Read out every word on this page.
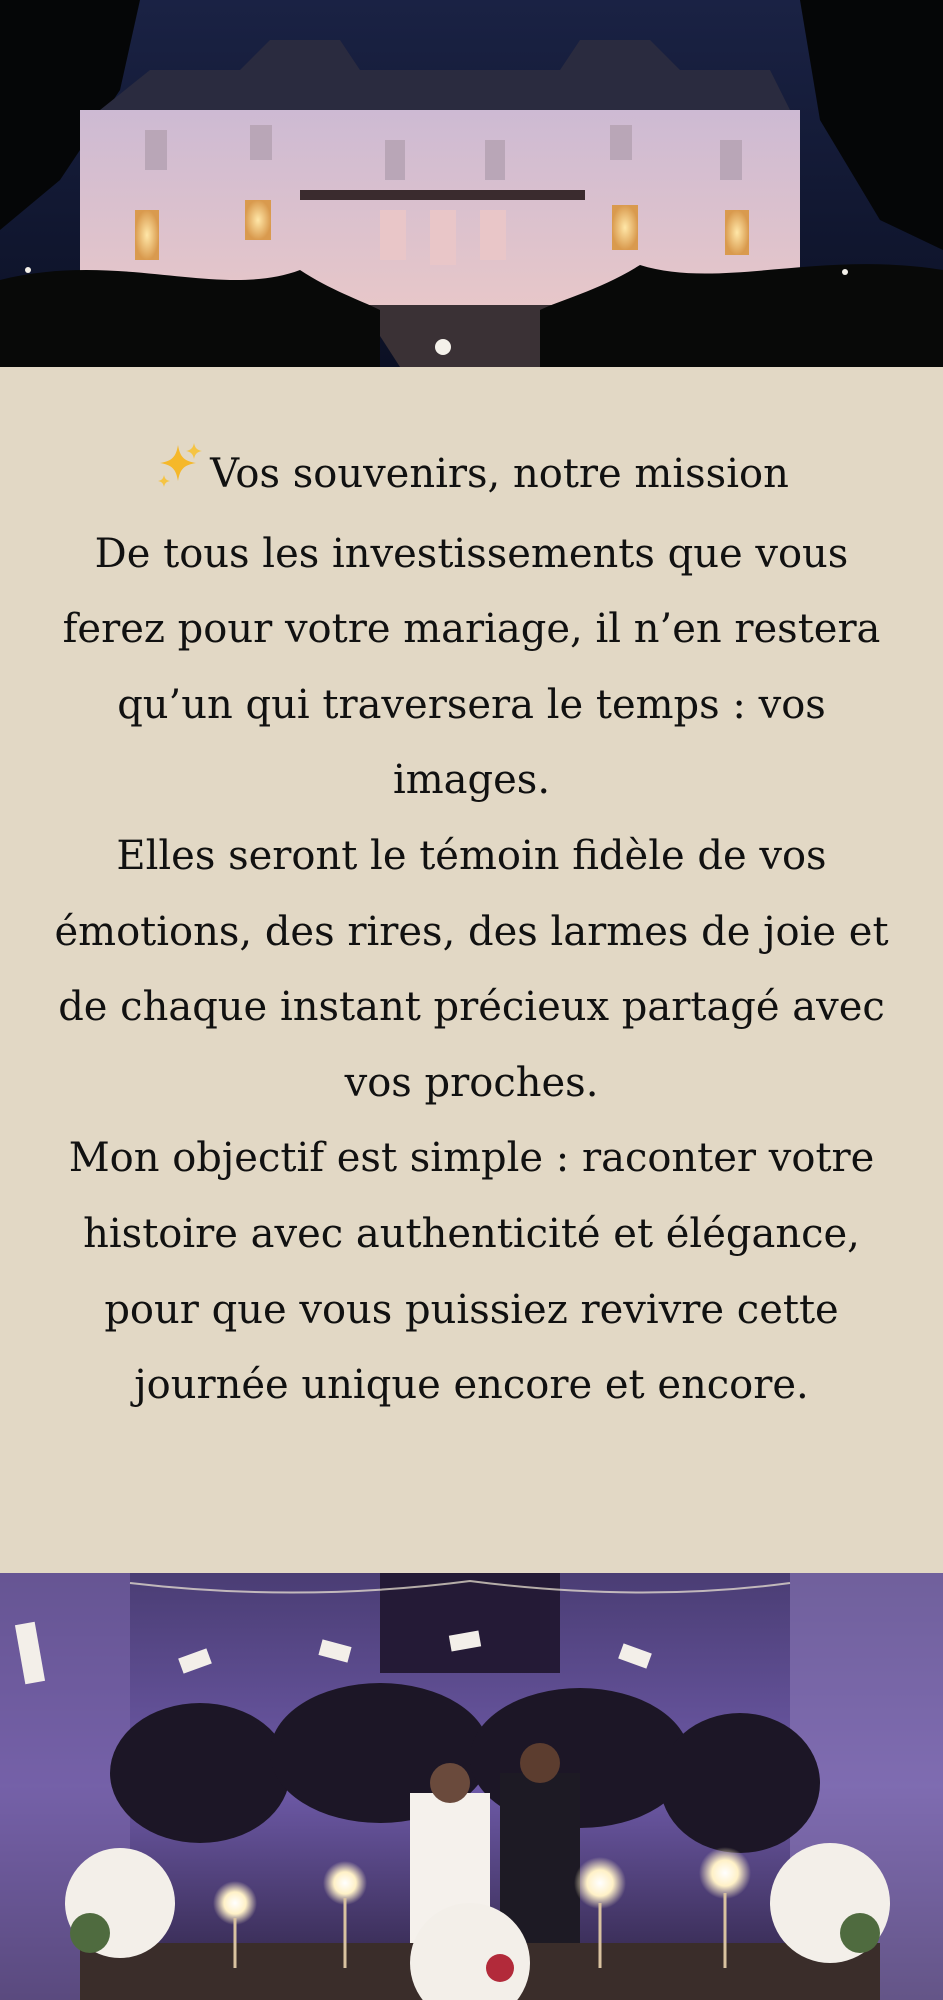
Vos souvenirs, notre mission

De tous les investissements que vous ferez pour votre mariage, il n’en restera qu’un qui traversera le temps : vos images.

Elles seront le témoin fidèle de vos émotions, des rires, des larmes de joie et de chaque instant précieux partagé avec vos proches.

Mon objectif est simple : raconter votre histoire avec authenticité et élégance, pour que vous puissiez revivre cette journée unique encore et encore.
